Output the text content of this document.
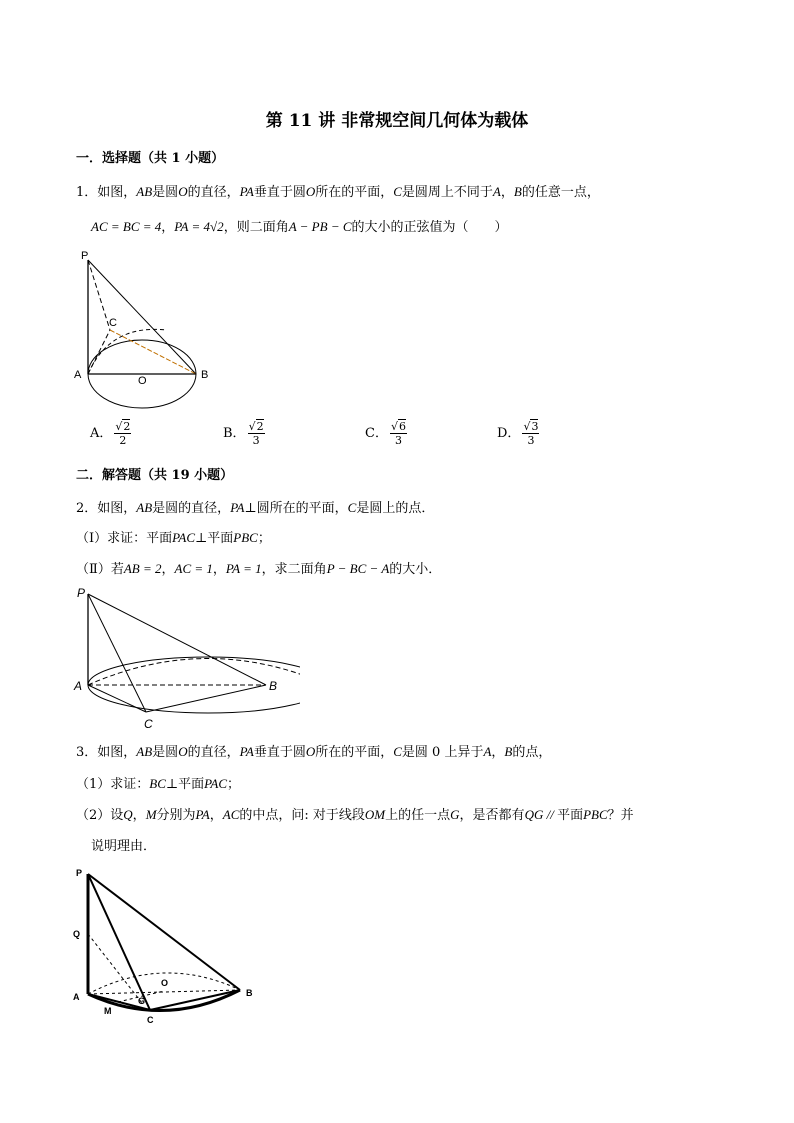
第 11 讲 非常规空间几何体为载体
一．选择题（共 1 小题）
1．如图，AB是圆O的直径，PA垂直于圆O所在的平面，C是圆周上不同于A，B的任意一点，
AC = BC = 4，PA = 4√2，则二面角A − PB − C的大小的正弦值为（　　）
P
C
A	O	B
A． $\frac{√2}{2}$	B． $\frac{√2}{3}$	C． $\frac{√6}{3}$	D． $\frac{√3}{3}$
二．解答题（共 19 小题）
2．如图，AB是圆的直径，PA⊥圆所在的平面，C是圆上的点．
（Ⅰ）求证：平面PAC⊥平面PBC；
（Ⅱ）若AB = 2，AC = 1，PA = 1，求二面角P − BC − A的大小．
P
A	B
C
3．如图，AB是圆O的直径，PA垂直于圆O所在的平面，C是圆 0 上异于A，B的点，
（1）求证：BC⊥平面PAC；
（2）设Q，M分别为PA，AC的中点，问: 对于线段OM上的任一点G，是否都有QG // 平面PBC？并
说明理由．
P
Q
A
M
C
G
O
B
